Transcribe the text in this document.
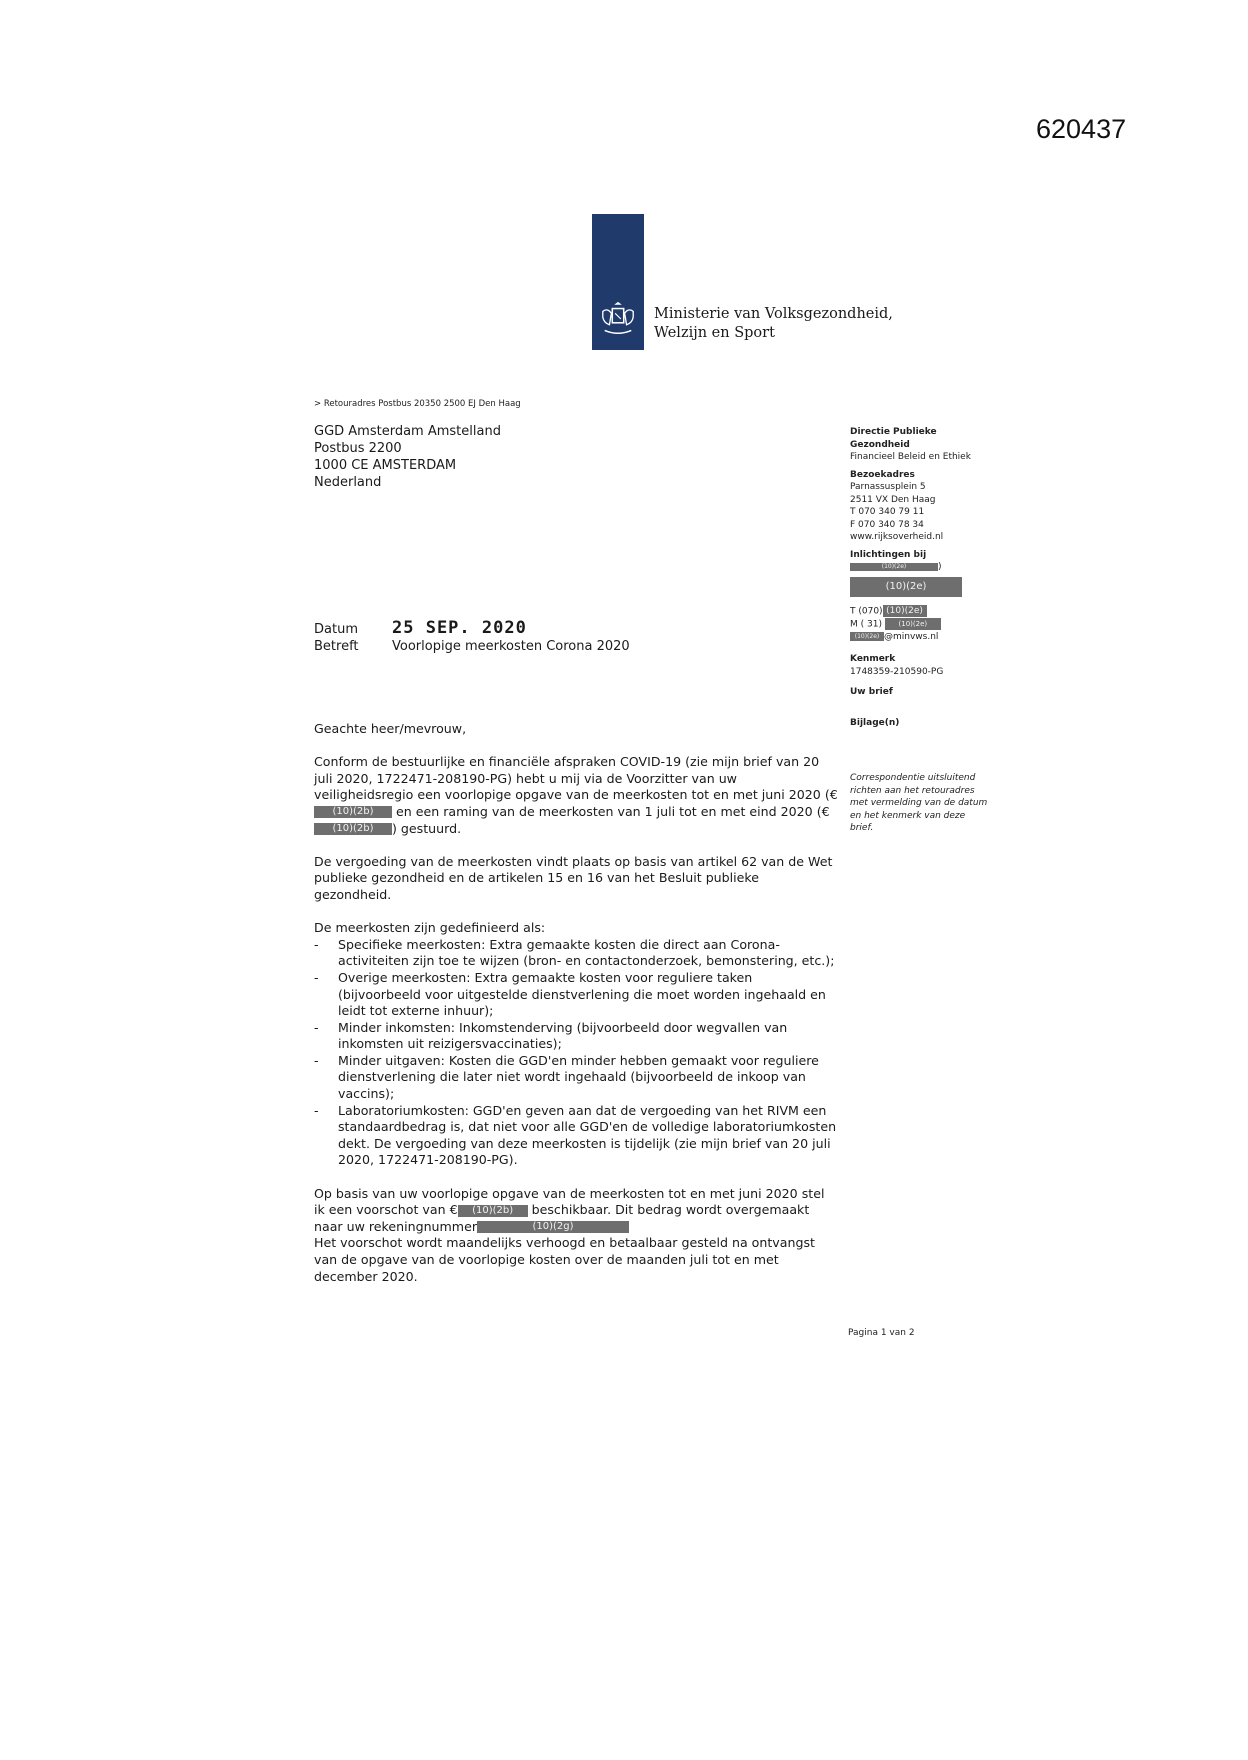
620437
Ministerie van Volksgezondheid,
Welzijn en Sport
> Retouradres Postbus 20350 2500 EJ Den Haag
GGD Amsterdam Amstelland
Postbus 2200
1000 CE AMSTERDAM
Nederland
Directie Publieke Gezondheid
Financieel Beleid en Ethiek
Bezoekadres
Parnassusplein 5
2511 VX Den Haag
T 070 340 79 11
F 070 340 78 34
www.rijksoverheid.nl
Inlichtingen bij
(10)(2e)	)
(10)(2e)
T (070) (10)(2e)
M ( 31) (10)(2e)
(10)(2e) @minvws.nl
Kenmerk
1748359-210590-PG
Uw brief
Bijlage(n)
Correspondentie uitsluitend richten aan het retouradres met vermelding van de datum en het kenmerk van deze brief.
Datum 25 SEP. 2020
Betreft	Voorlopige meerkosten Corona 2020

Geachte heer/mevrouw,

Conform de bestuurlijke en financiële afspraken COVID-19 (zie mijn brief van 20 juli 2020, 1722471-208190-PG) hebt u mij via de Voorzitter van uw veiligheidsregio een voorlopige opgave van de meerkosten tot en met juni 2020 (€(10)(2b) en een raming van de meerkosten van 1 juli tot en met eind 2020 (€(10)(2b) ) gestuurd.

De vergoeding van de meerkosten vindt plaats op basis van artikel 62 van de Wet publieke gezondheid en de artikelen 15 en 16 van het Besluit publieke gezondheid.

De meerkosten zijn gedefinieerd als:
- Specifieke meerkosten: Extra gemaakte kosten die direct aan Corona-activiteiten zijn toe te wijzen (bron- en contactonderzoek, bemonstering, etc.);
- Overige meerkosten: Extra gemaakte kosten voor reguliere taken (bijvoorbeeld voor uitgestelde dienstverlening die moet worden ingehaald en leidt tot externe inhuur);
- Minder inkomsten: Inkomstenderving (bijvoorbeeld door wegvallen van inkomsten uit reizigersvaccinaties);
- Minder uitgaven: Kosten die GGD'en minder hebben gemaakt voor reguliere dienstverlening die later niet wordt ingehaald (bijvoorbeeld de inkoop van vaccins);
- Laboratoriumkosten: GGD'en geven aan dat de vergoeding van het RIVM een standaardbedrag is, dat niet voor alle GGD'en de volledige laboratoriumkosten dekt. De vergoeding van deze meerkosten is tijdelijk (zie mijn brief van 20 juli 2020, 1722471-208190-PG).

Op basis van uw voorlopige opgave van de meerkosten tot en met juni 2020 stel ik een voorschot van € (10)(2b) beschikbaar. Dit bedrag wordt overgemaakt naar uw rekeningnummer	(10)(2g)
Het voorschot wordt maandelijks verhoogd en betaalbaar gesteld na ontvangst van de opgave van de voorlopige kosten over de maanden juli tot en met december 2020.

Pagina 1 van 2
